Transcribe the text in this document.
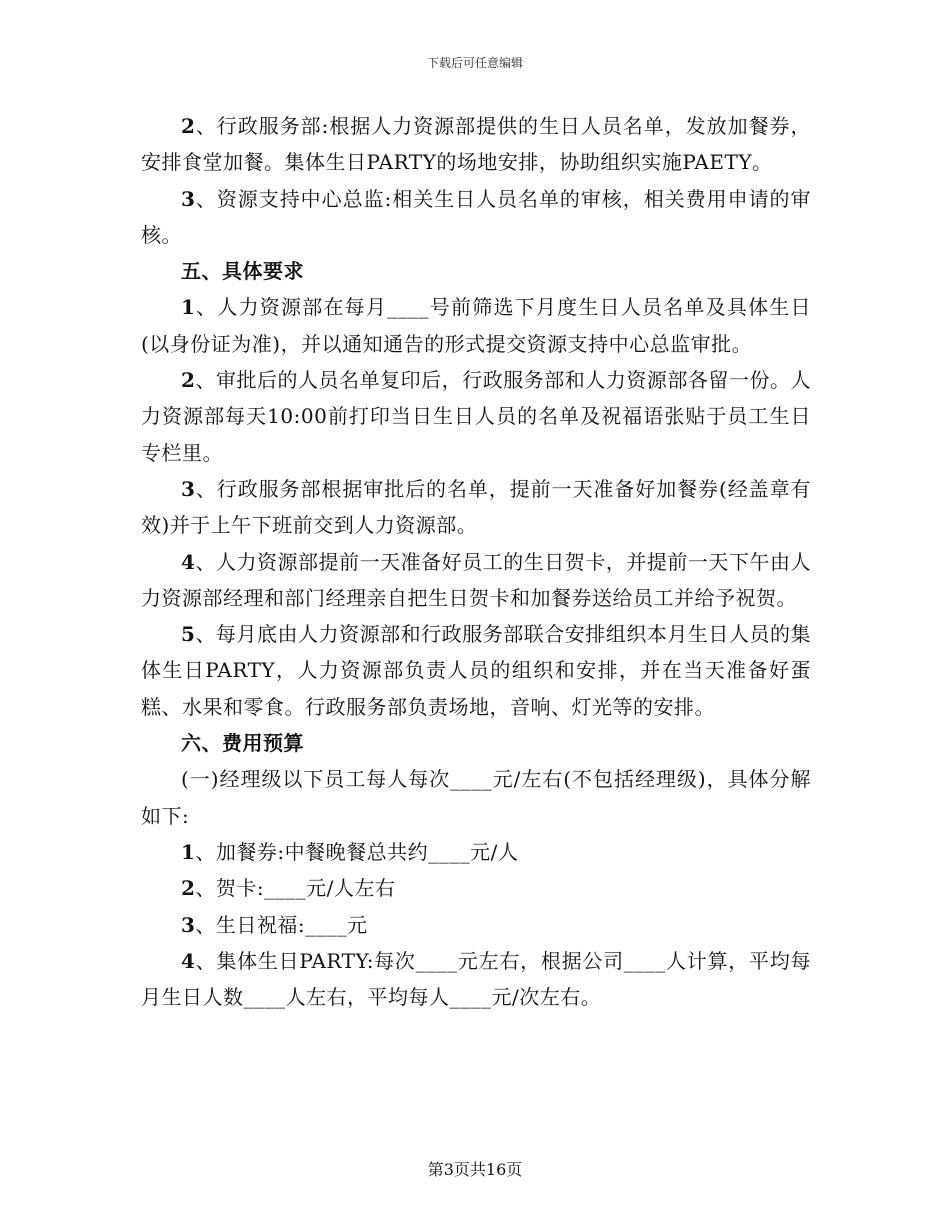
下载后可任意编辑

2、行政服务部:根据人力资源部提供的生日人员名单，发放加餐券，安排食堂加餐。集体生日PARTY的场地安排，协助组织实施PAETY。

3、资源支持中心总监:相关生日人员名单的审核，相关费用申请的审核。

五、具体要求

1、人力资源部在每月____号前筛选下月度生日人员名单及具体生日(以身份证为准)，并以通知通告的形式提交资源支持中心总监审批。

2、审批后的人员名单复印后，行政服务部和人力资源部各留一份。人力资源部每天10:00前打印当日生日人员的名单及祝福语张贴于员工生日专栏里。

3、行政服务部根据审批后的名单，提前一天准备好加餐券(经盖章有效)并于上午下班前交到人力资源部。

4、人力资源部提前一天准备好员工的生日贺卡，并提前一天下午由人力资源部经理和部门经理亲自把生日贺卡和加餐券送给员工并给予祝贺。

5、每月底由人力资源部和行政服务部联合安排组织本月生日人员的集体生日PARTY，人力资源部负责人员的组织和安排，并在当天准备好蛋糕、水果和零食。行政服务部负责场地，音响、灯光等的安排。

六、费用预算

(一)经理级以下员工每人每次____元/左右(不包括经理级)，具体分解如下:

1、加餐券:中餐晚餐总共约____元/人

2、贺卡:____元/人左右

3、生日祝福:____元

4、集体生日PARTY:每次____元左右，根据公司____人计算，平均每月生日人数____人左右，平均每人____元/次左右。

第3页共16页
